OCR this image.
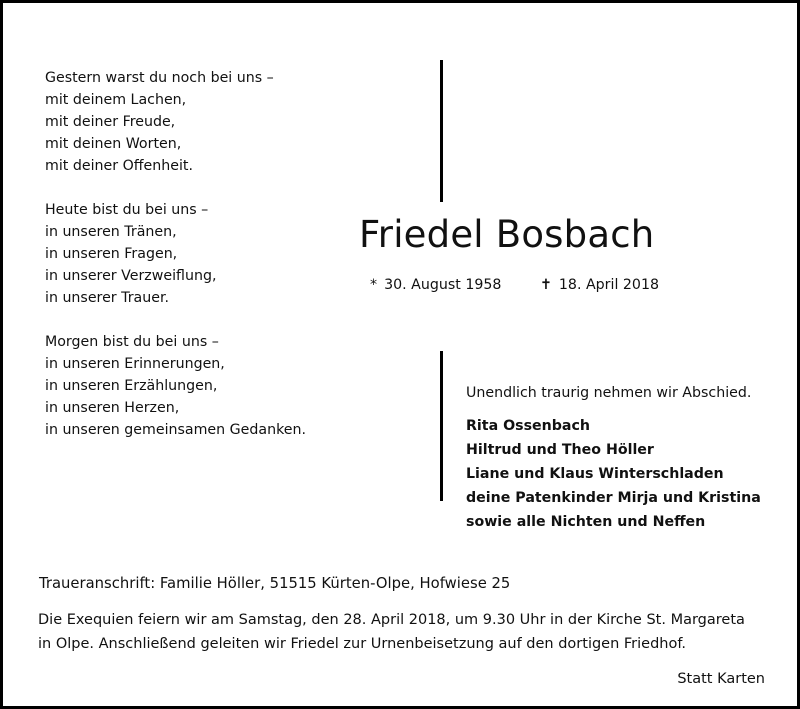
Gestern warst du noch bei uns –
mit deinem Lachen,
mit deiner Freude,
mit deinen Worten,
mit deiner Offenheit.
Heute bist du bei uns –
in unseren Tränen,
in unseren Fragen,
in unserer Verzweiflung,
in unserer Trauer.
Morgen bist du bei uns –
in unseren Erinnerungen,
in unseren Erzählungen,
in unseren Herzen,
in unseren gemeinsamen Gedanken.
Friedel Bosbach
* 30. August 1958	✝ 18. April 2018
Unendlich traurig nehmen wir Abschied.
Rita Ossenbach
Hiltrud und Theo Höller
Liane und Klaus Winterschladen
deine Patenkinder Mirja und Kristina
sowie alle Nichten und Neffen
Traueranschrift: Familie Höller, 51515 Kürten-Olpe, Hofwiese 25
Die Exequien feiern wir am Samstag, den 28. April 2018, um 9.30 Uhr in der Kirche St. Margareta
in Olpe. Anschließend geleiten wir Friedel zur Urnenbeisetzung auf den dortigen Friedhof.
Statt Karten
